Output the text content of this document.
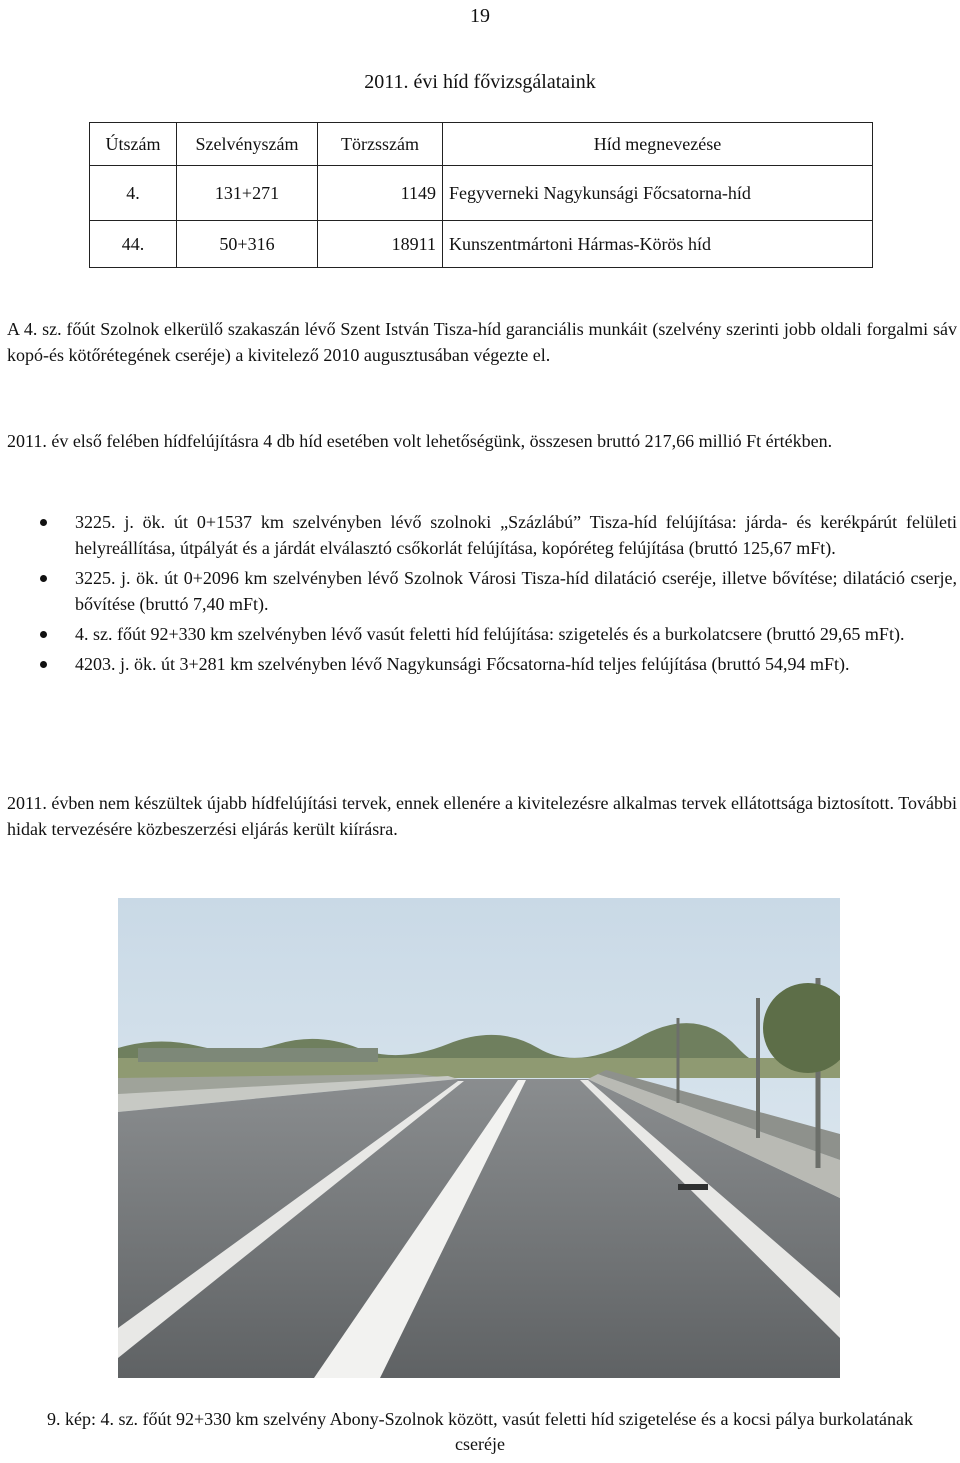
19
2011. évi híd fővizsgálataink
Útszám	Szelvényszám	Törzsszám	Híd megnevezése
4.	131+271	1149	Fegyverneki Nagykunsági Főcsatorna-híd
44.	50+316	18911	Kunszentmártoni Hármas-Körös híd

A 4. sz. főút Szolnok elkerülő szakaszán lévő Szent István Tisza-híd garanciális munkáit (szelvény szerinti jobb oldali forgalmi sáv kopó-és kötőrétegének cseréje) a kivitelező 2010 augusztusában végezte el.

2011. év első felében hídfelújításra 4 db híd esetében volt lehetőségünk, összesen bruttó 217,66 millió Ft értékben.

3225. j. ök. út 0+1537 km szelvényben lévő szolnoki „Százlábú” Tisza-híd felújítása: járda- és kerékpárút felületi helyreállítása, útpályát és a járdát elválasztó csőkorlát felújítása, kopóréteg felújítása (bruttó 125,67 mFt).
3225. j. ök. út 0+2096 km szelvényben lévő Szolnok Városi Tisza-híd dilatáció cseréje, illetve bővítése; dilatáció cserje, bővítése (bruttó 7,40 mFt).
4. sz. főút 92+330 km szelvényben lévő vasút feletti híd felújítása: szigetelés és a burkolatcsere (bruttó 29,65 mFt).
4203. j. ök. út 3+281 km szelvényben lévő Nagykunsági Főcsatorna-híd teljes felújítása (bruttó 54,94 mFt).

2011. évben nem készültek újabb hídfelújítási tervek, ennek ellenére a kivitelezésre alkalmas tervek ellátottsága biztosított. További hidak tervezésére közbeszerzési eljárás került kiírásra.

9. kép: 4. sz. főút 92+330 km szelvény Abony-Szolnok között, vasút feletti híd szigetelése és a kocsi pálya burkolatának cseréje
